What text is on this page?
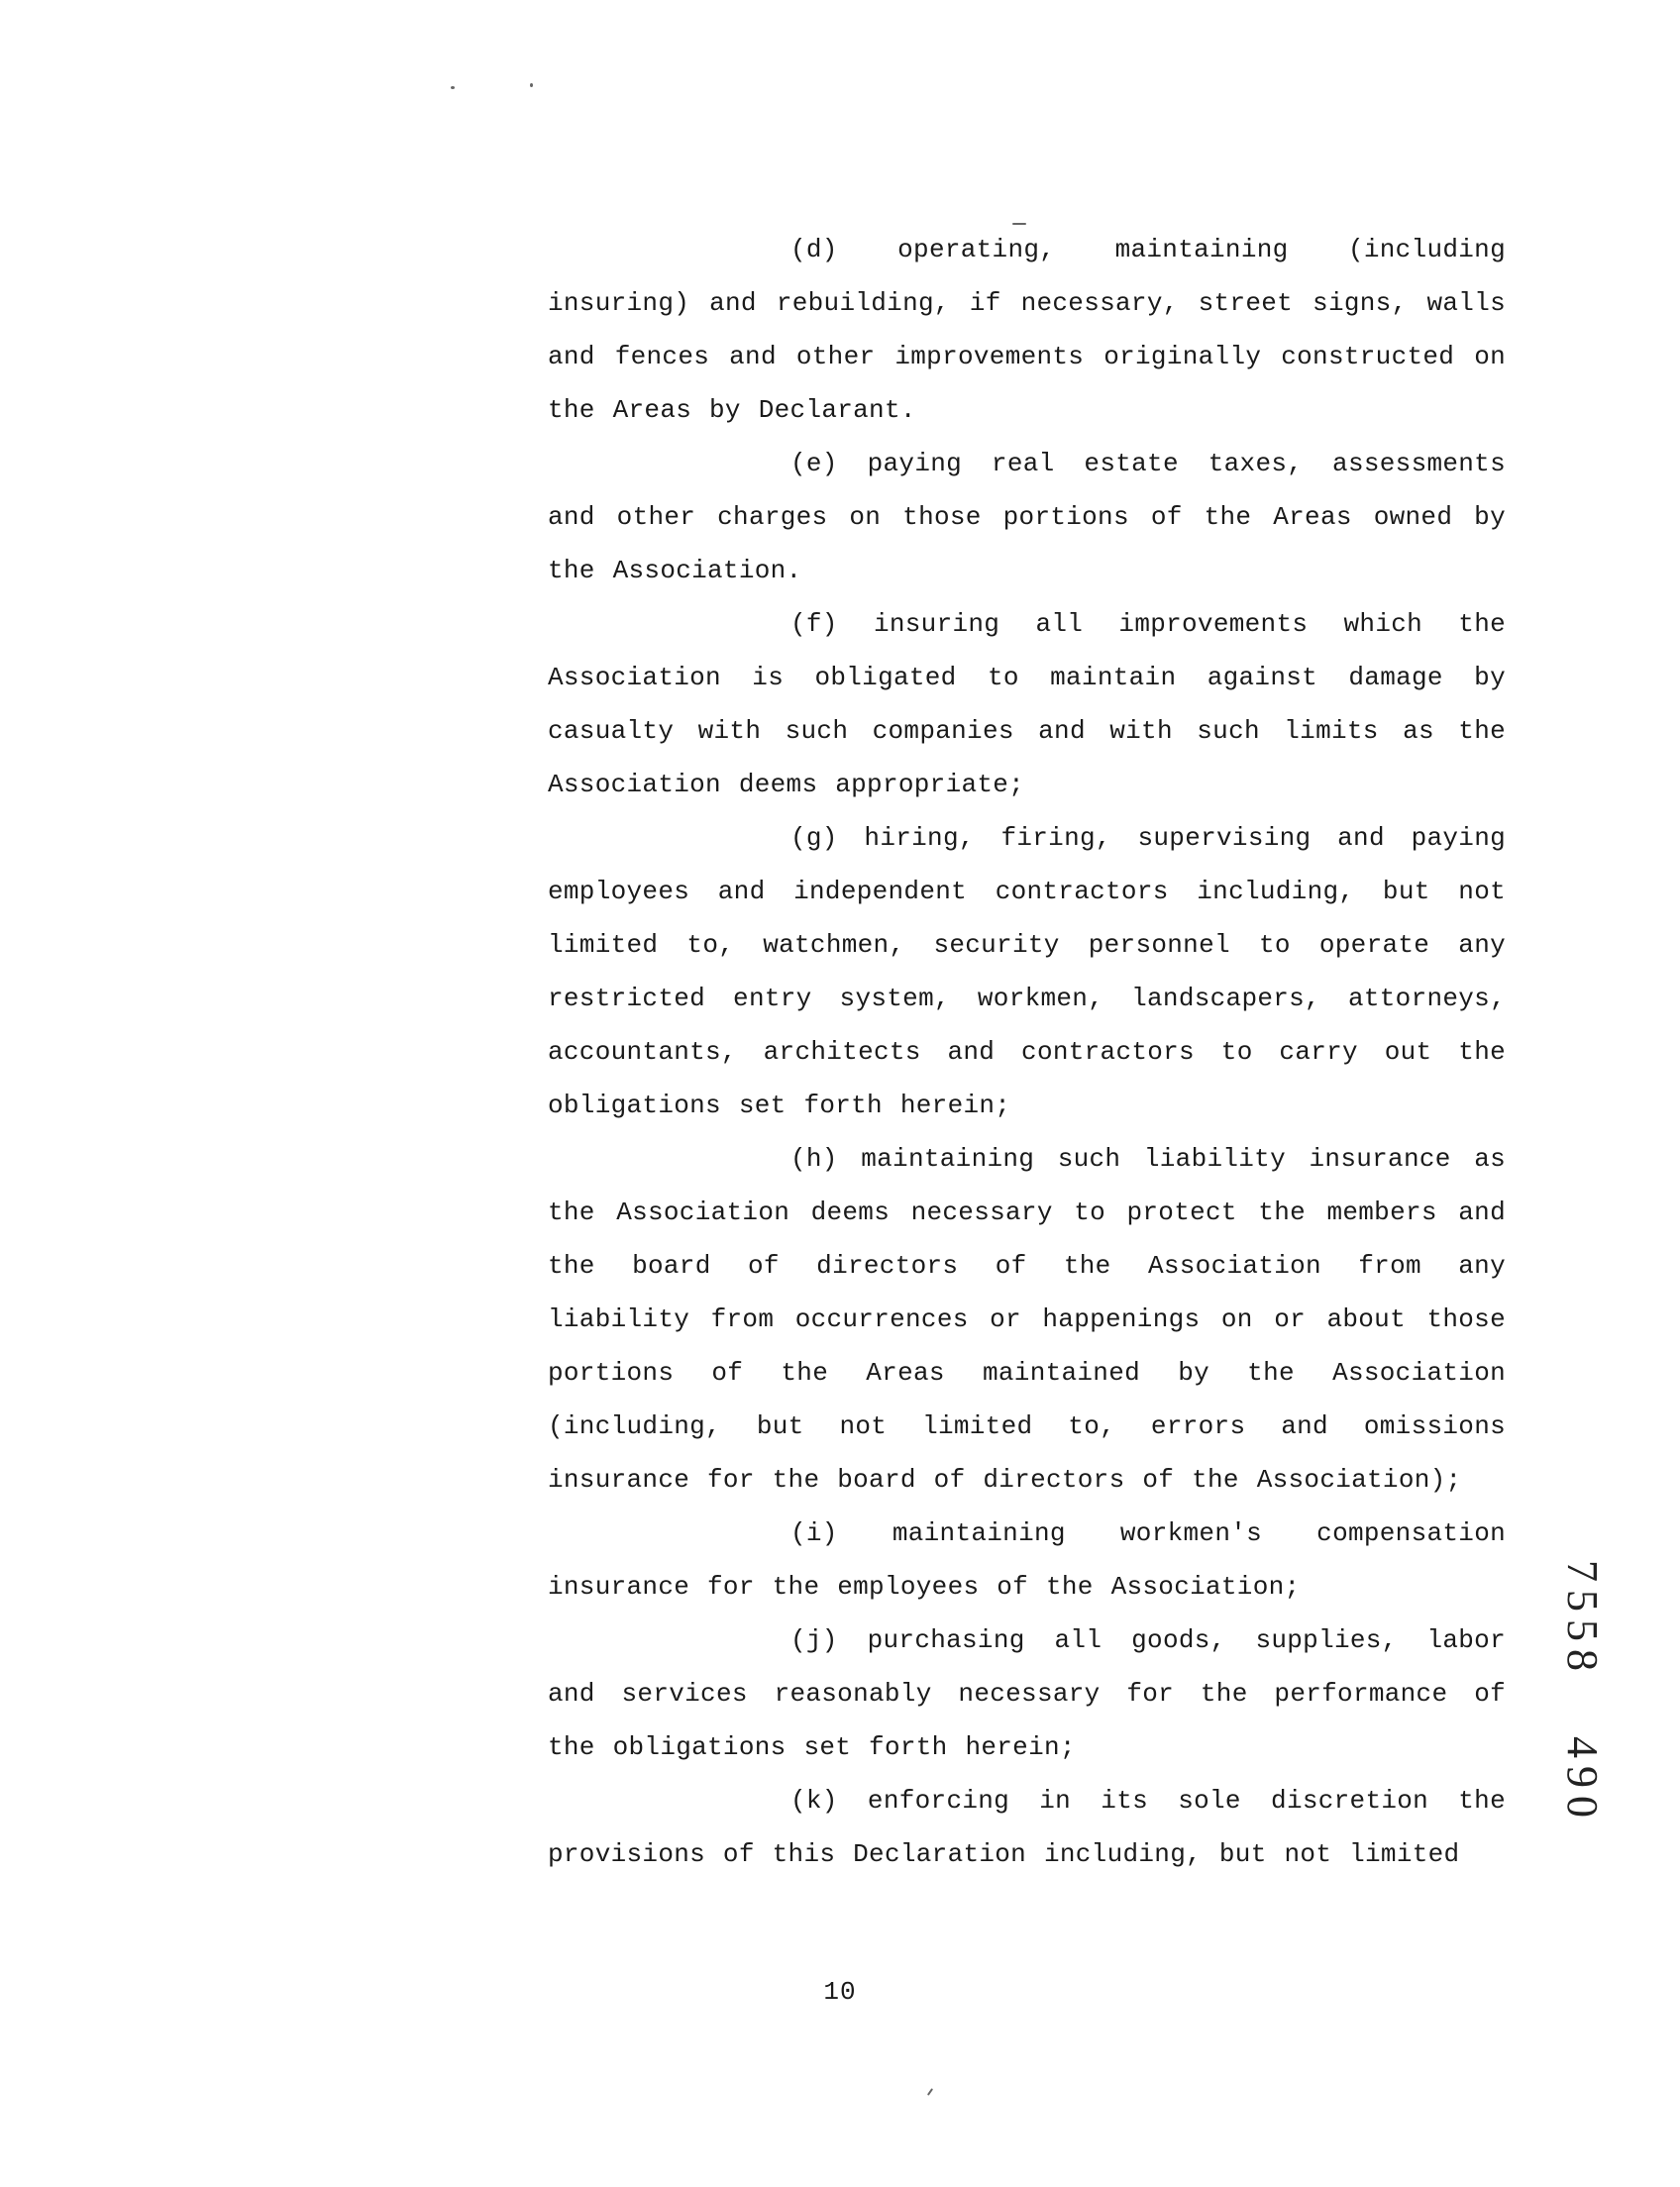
(d) operating, maintaining (including insuring) and rebuilding, if necessary, street signs, walls and fences and other improvements originally constructed on the Areas by Declarant.

(e) paying real estate taxes, assessments and other charges on those portions of the Areas owned by the Association.

(f) insuring all improvements which the Association is obligated to maintain against damage by casualty with such companies and with such limits as the Association deems appropriate;

(g) hiring, firing, supervising and paying employees and independent contractors including, but not limited to, watchmen, security personnel to operate any restricted entry system, workmen, landscapers, attorneys, accountants, architects and contractors to carry out the obligations set forth herein;

(h) maintaining such liability insurance as the Association deems necessary to protect the members and the board of directors of the Association from any liability from occurrences or happenings on or about those portions of the Areas maintained by the Association (including, but not limited to, errors and omissions insurance for the board of directors of the Association);

(i) maintaining workmen's compensation insurance for the employees of the Association;

(j) purchasing all goods, supplies, labor and services reasonably necessary for the performance of the obligations set forth herein;

(k) enforcing in its sole discretion the provisions of this Declaration including, but not limited

10
7558
490
